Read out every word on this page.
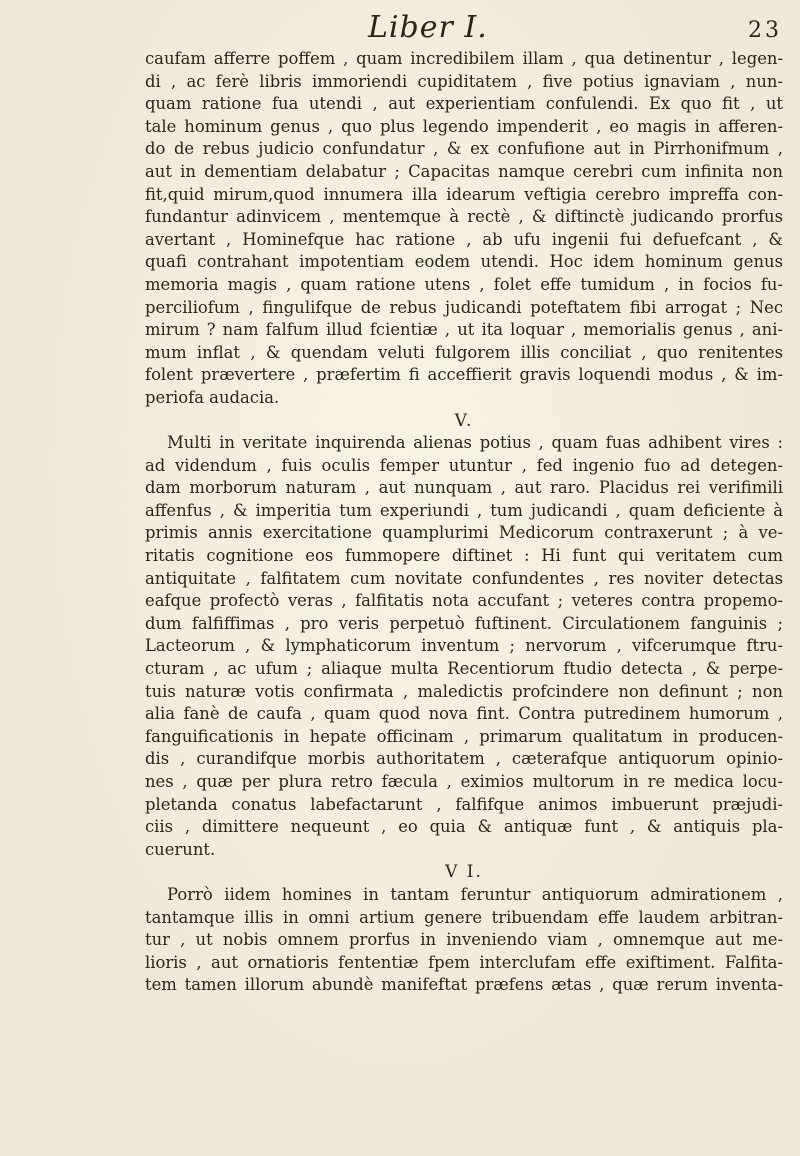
Liber I.	23
caufam afferre poffem , quam incredibilem illam , qua detinentur , legen-
di , ac ferè libris immoriendi cupiditatem , five potius ignaviam , nun-
quam ratione fua utendi , aut experientiam confulendi. Ex quo fit , ut
tale hominum genus , quo plus legendo impenderit , eo magis in afferen-
do de rebus judicio confundatur , & ex confufione aut in Pirrhonifmum ,
aut in dementiam delabatur ; Capacitas namque cerebri cum infinita non
fit,quid mirum,quod innumera illa idearum veftigia cerebro impreffa con-
fundantur adinvicem , mentemque à rectè , & diftinctè judicando prorfus
avertant , Hominefque hac ratione , ab ufu ingenii fui defuefcant , &
quafi contrahant impotentiam eodem utendi. Hoc idem hominum genus
memoria magis , quam ratione utens , folet effe tumidum , in focios fu-
perciliofum , fingulifque de rebus judicandi poteftatem fibi arrogat ; Nec
mirum ? nam falfum illud fcientiæ , ut ita loquar , memorialis genus , ani-
mum inflat , & quendam veluti fulgorem illis conciliat , quo renitentes
folent prævertere , præfertim fi acceffierit gravis loquendi modus , & im-
periofa audacia.
V.
Multi in veritate inquirenda alienas potius , quam fuas adhibent vires :
ad videndum , fuis oculis femper utuntur , fed ingenio fuo ad detegen-
dam morborum naturam , aut nunquam , aut raro. Placidus rei verifimili
affenfus , & imperitia tum experiundi , tum judicandi , quam deficiente à
primis annis exercitatione quamplurimi Medicorum contraxerunt ; à ve-
ritatis cognitione eos fummopere diftinet : Hi funt qui veritatem cum
antiquitate , falfitatem cum novitate confundentes , res noviter detectas
eafque profectò veras , falfitatis nota accufant ; veteres contra propemo-
dum falfiffimas , pro veris perpetuò fuftinent. Circulationem fanguinis ;
Lacteorum , & lymphaticorum inventum ; nervorum , vifcerumque ftru-
cturam , ac ufum ; aliaque multa Recentiorum ftudio detecta , & perpe-
tuis naturæ votis confirmata , maledictis profcindere non definunt ; non
alia fanè de caufa , quam quod nova fint. Contra putredinem humorum ,
fanguificationis in hepate officinam , primarum qualitatum in producen-
dis , curandifque morbis authoritatem , cæterafque antiquorum opinio-
nes , quæ per plura retro fæcula , eximios multorum in re medica locu-
pletanda conatus labefactarunt , falfifque animos imbuerunt præjudi-
ciis , dimittere nequeunt , eo quia & antiquæ funt , & antiquis pla-
cuerunt.
V I.
Porrò iidem homines in tantam feruntur antiquorum admirationem ,
tantamque illis in omni artium genere tribuendam effe laudem arbitran-
tur , ut nobis omnem prorfus in inveniendo viam , omnemque aut me-
lioris , aut ornatioris fententiæ fpem interclufam effe exiftiment. Falfita-
tem tamen illorum abundè manifeftat præfens ætas , quæ rerum inventa-
